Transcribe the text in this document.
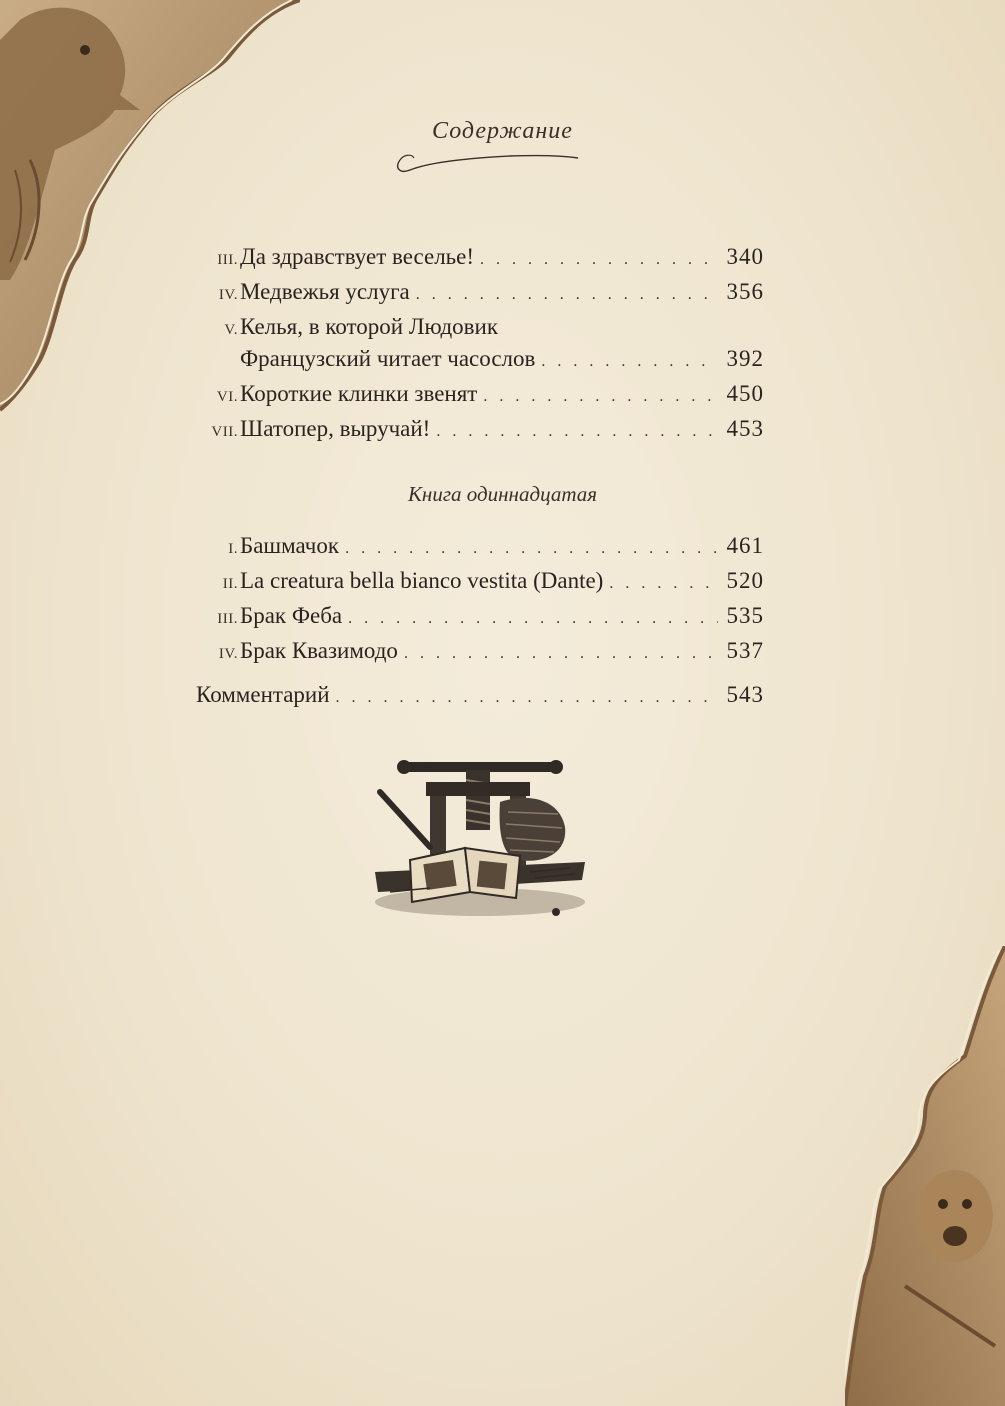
Содержание
III. Да здравствует веселье! . . .	340
IV. Медвежья услуга . . .	356
V. Келья, в которой Людовик
Французский читает часослов . . .	392
VI. Короткие клинки звенят . . .	450
VII. Шатопер, выручай! . . .	453
Книга одиннадцатая
I. Башмачок . . .	461
II. La creatura bella bianco vestita (Dante) . . .	520
III. Брак Феба . . .	535
IV. Брак Квазимодо . . .	537
Комментарий . . .	543
